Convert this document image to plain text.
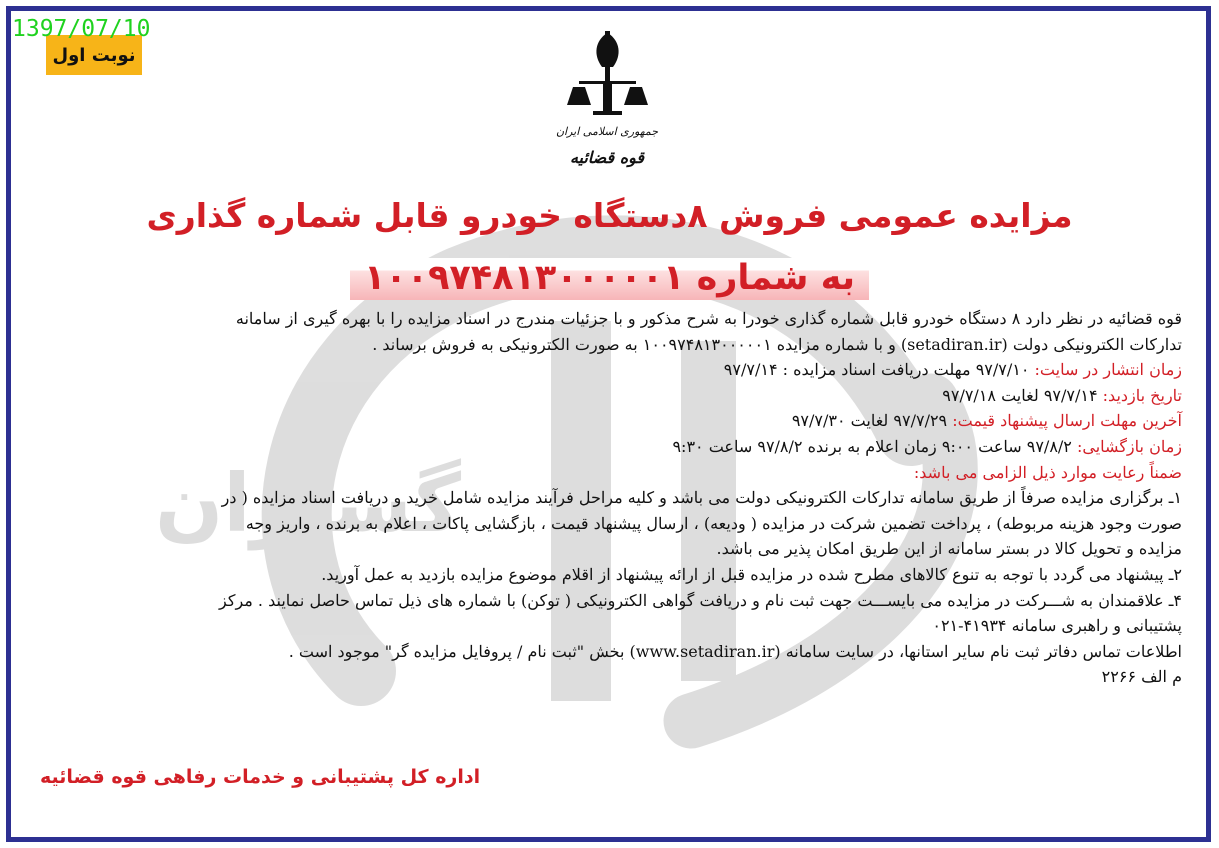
گستران
1397/07/10
نوبت اول
جمهوری اسلامی ایران
قوه قضائیه
مزایده عمومی فروش ۸دستگاه خودرو قابل شماره گذاری
به شماره ۱۰۰۹۷۴۸۱۳۰۰۰۰۰۱
قوه قضائیه در نظر دارد ۸ دستگاه خودرو قابل شماره گذاری خودرا به شرح مذکور و با جزئیات مندرج در اسناد مزایده را با بهره گیری از سامانه
تدارکات الکترونیکی دولت (setadiran.ir) و با شماره مزایده ۱۰۰۹۷۴۸۱۳۰۰۰۰۰۱ به صورت الکترونیکی به فروش برساند .
زمان انتشار در سایت: ۹۷/۷/۱۰ مهلت دریافت اسناد مزایده : ۹۷/۷/۱۴
تاریخ بازدید: ۹۷/۷/۱۴ لغایت ۹۷/۷/۱۸
آخرین مهلت ارسال پیشنهاد قیمت: ۹۷/۷/۲۹ لغایت ۹۷/۷/۳۰
زمان بازگشایی: ۹۷/۸/۲ ساعت ۹:۰۰ زمان اعلام به برنده ۹۷/۸/۲ ساعت ۹:۳۰
ضمناً رعایت موارد ذیل الزامی می باشد:
۱ـ برگزاری مزایده صرفاً از طریق سامانه تدارکات الکترونیکی دولت می باشد و کلیه مراحل فرآیند مزایده شامل خرید و دریافت اسناد مزایده ( در
صورت وجود هزینه مربوطه) ، پرداخت تضمین شرکت در مزایده ( ودیعه) ، ارسال پیشنهاد قیمت ، بازگشایی پاکات ، اعلام به برنده ، واریز وجه
مزایده و تحویل کالا در بستر سامانه از این طریق امکان پذیر می باشد.
۲ـ پیشنهاد می گردد با توجه به تنوع کالاهای مطرح شده در مزایده قبل از ارائه پیشنهاد از اقلام موضوع مزایده بازدید به عمل آورید.
۴ـ علاقمندان به شـــرکت در مزایده می بایســـت جهت ثبت نام و دریافت گواهی الکترونیکی ( توکن) با شماره های ذیل تماس حاصل نمایند . مرکز
پشتیبانی و راهبری سامانه ۴۱۹۳۴-۰۲۱
اطلاعات تماس دفاتر ثبت نام سایر استانها، در سایت سامانه (www.setadiran.ir) بخش "ثبت نام / پروفایل مزایده گر" موجود است .
م الف ۲۲۶۶
اداره کل پشتیبانی و خدمات رفاهی قوه قضائیه
